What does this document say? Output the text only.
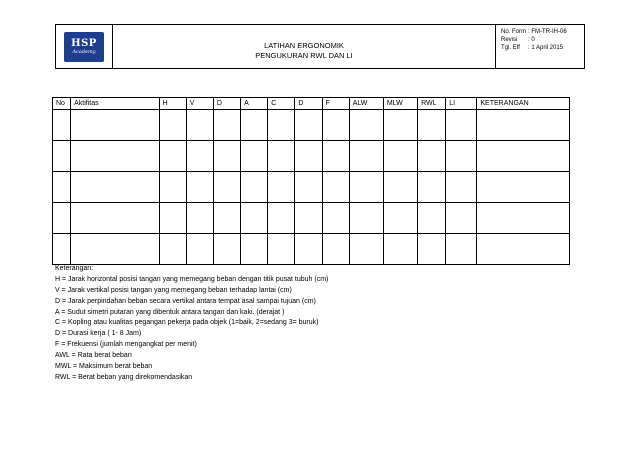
HSP
Academy
LATIHAN ERGONOMIK
PENGUKURAN RWL DAN LI
No. Form : FM-TR-IH-06
Revisi	: 0
Tgl. Eff	: 1 April 2015
No	Aktifitas	H	V	D	A	C	D	F	ALW	MLW	RWL	LI	KETERANGAN

Keterangan:
H = Jarak horizontal posisi tangan yang memegang beban dengan titik pusat tubuh (cm)
V = Jarak vertikal posisi tangan yang memegang beban terhadap lantai (cm)
D = Jarak perpindahan beban secara vertikal antara tempat asal sampai tujuan (cm)
A = Sudut simetri putaran yang dibentuk antara tangan dan kaki. (derajat )
C = Kopling atau kualitas pegangan pekerja pada objek (1=baik, 2=sedang 3= buruk)
D = Durasi kerja ( 1- 8 Jam)
F = Frekuensi (jumlah mengangkat per menit)
AWL = Rata berat beban
MWL = Maksimum berat beban
RWL = Berat beban yang direkomendasikan
